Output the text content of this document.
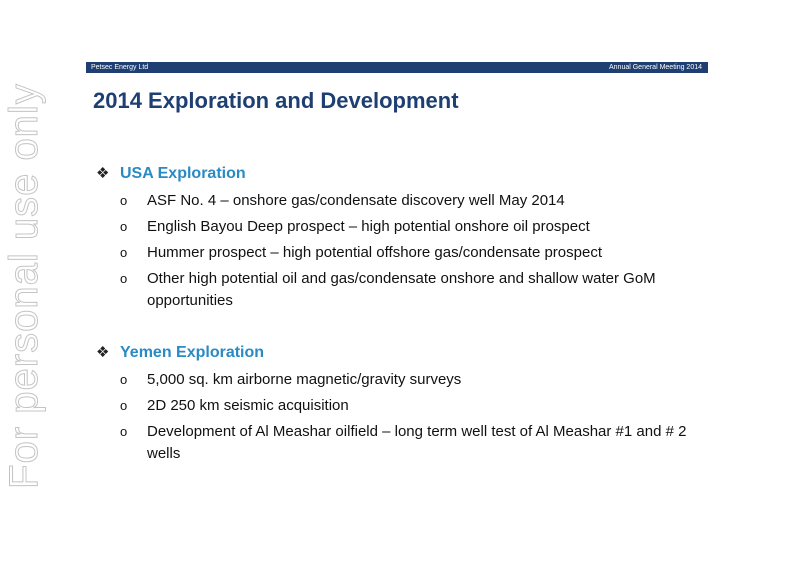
For personal use only
Petsec Energy Ltd	Annual General Meeting 2014
2014 Exploration and Development
❖ USA Exploration
o ASF No. 4 – onshore gas/condensate discovery well May 2014
o English Bayou Deep prospect – high potential onshore oil prospect
o Hummer prospect – high potential offshore gas/condensate prospect
o Other high potential oil and gas/condensate onshore and shallow water GoM opportunities
❖ Yemen Exploration
o 5,000 sq. km airborne magnetic/gravity surveys
o 2D 250 km seismic acquisition
o Development of Al Meashar oilfield – long term well test of Al Meashar #1 and # 2 wells
